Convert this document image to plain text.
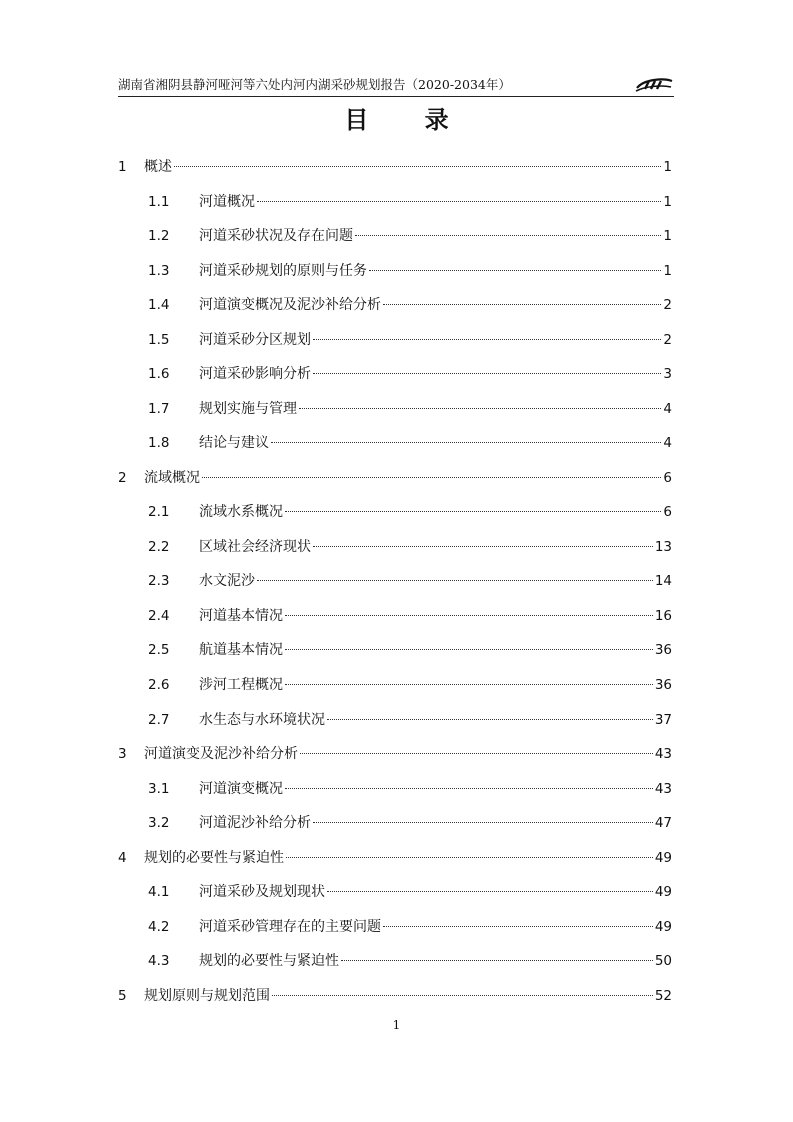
湖南省湘阴县静河哑河等六处内河内湖采砂规划报告（2020-2034年）
目 录
1	概述	1
1.1	河道概况	1
1.2	河道采砂状况及存在问题	1
1.3	河道采砂规划的原则与任务	1
1.4	河道演变概况及泥沙补给分析	2
1.5	河道采砂分区规划	2
1.6	河道采砂影响分析	3
1.7	规划实施与管理	4
1.8	结论与建议	4
2	流域概况	6
2.1	流域水系概况	6
2.2	区域社会经济现状	13
2.3	水文泥沙	14
2.4	河道基本情况	16
2.5	航道基本情况	36
2.6	涉河工程概况	36
2.7	水生态与水环境状况	37
3	河道演变及泥沙补给分析	43
3.1	河道演变概况	43
3.2	河道泥沙补给分析	47
4	规划的必要性与紧迫性	49
4.1	河道采砂及规划现状	49
4.2	河道采砂管理存在的主要问题	49
4.3	规划的必要性与紧迫性	50
5	规划原则与规划范围	52
1
